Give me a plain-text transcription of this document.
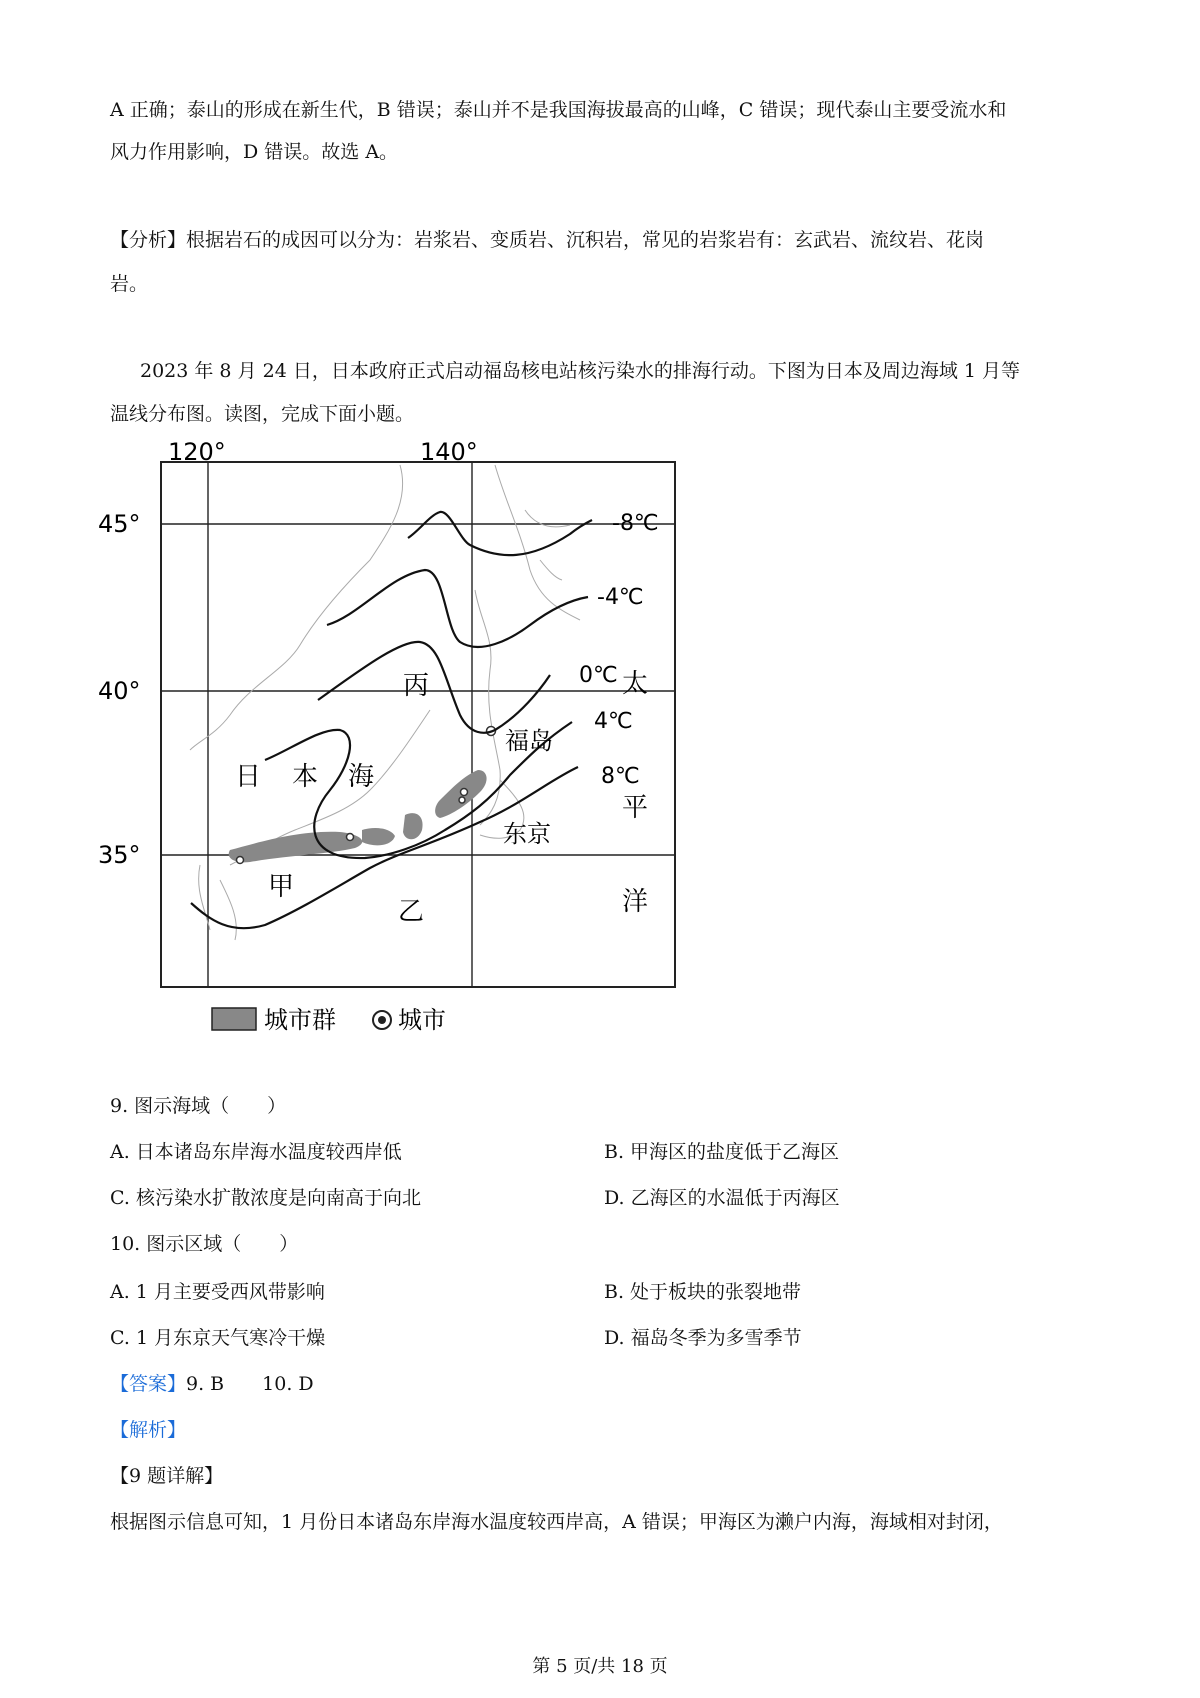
A 正确；泰山的形成在新生代，B 错误；泰山并不是我国海拔最高的山峰，C 错误；现代泰山主要受流水和
风力作用影响，D 错误。故选 A。
【分析】根据岩石的成因可以分为：岩浆岩、变质岩、沉积岩，常见的岩浆岩有：玄武岩、流纹岩、花岗
岩。
2023 年 8 月 24 日，日本政府正式启动福岛核电站核污染水的排海行动。下图为日本及周边海域 1 月等
温线分布图。读图，完成下面小题。
120°	140°
45°
40°
35°
-8℃
-4℃
0℃
4℃
8℃
日 本 海
丙
甲
乙
福岛
东京
太
平
洋
城市群	城市
9. 图示海域（　　）
A. 日本诸岛东岸海水温度较西岸低	B. 甲海区的盐度低于乙海区
C. 核污染水扩散浓度是向南高于向北	D. 乙海区的水温低于丙海区
10. 图示区域（　　）
A. 1 月主要受西风带影响	B. 处于板块的张裂地带
C. 1 月东京天气寒冷干燥	D. 福岛冬季为多雪季节
【答案】9. B　　10. D
【解析】
【9 题详解】
根据图示信息可知，1 月份日本诸岛东岸海水温度较西岸高，A 错误；甲海区为濑户内海，海域相对封闭，
第 5 页/共 18 页
